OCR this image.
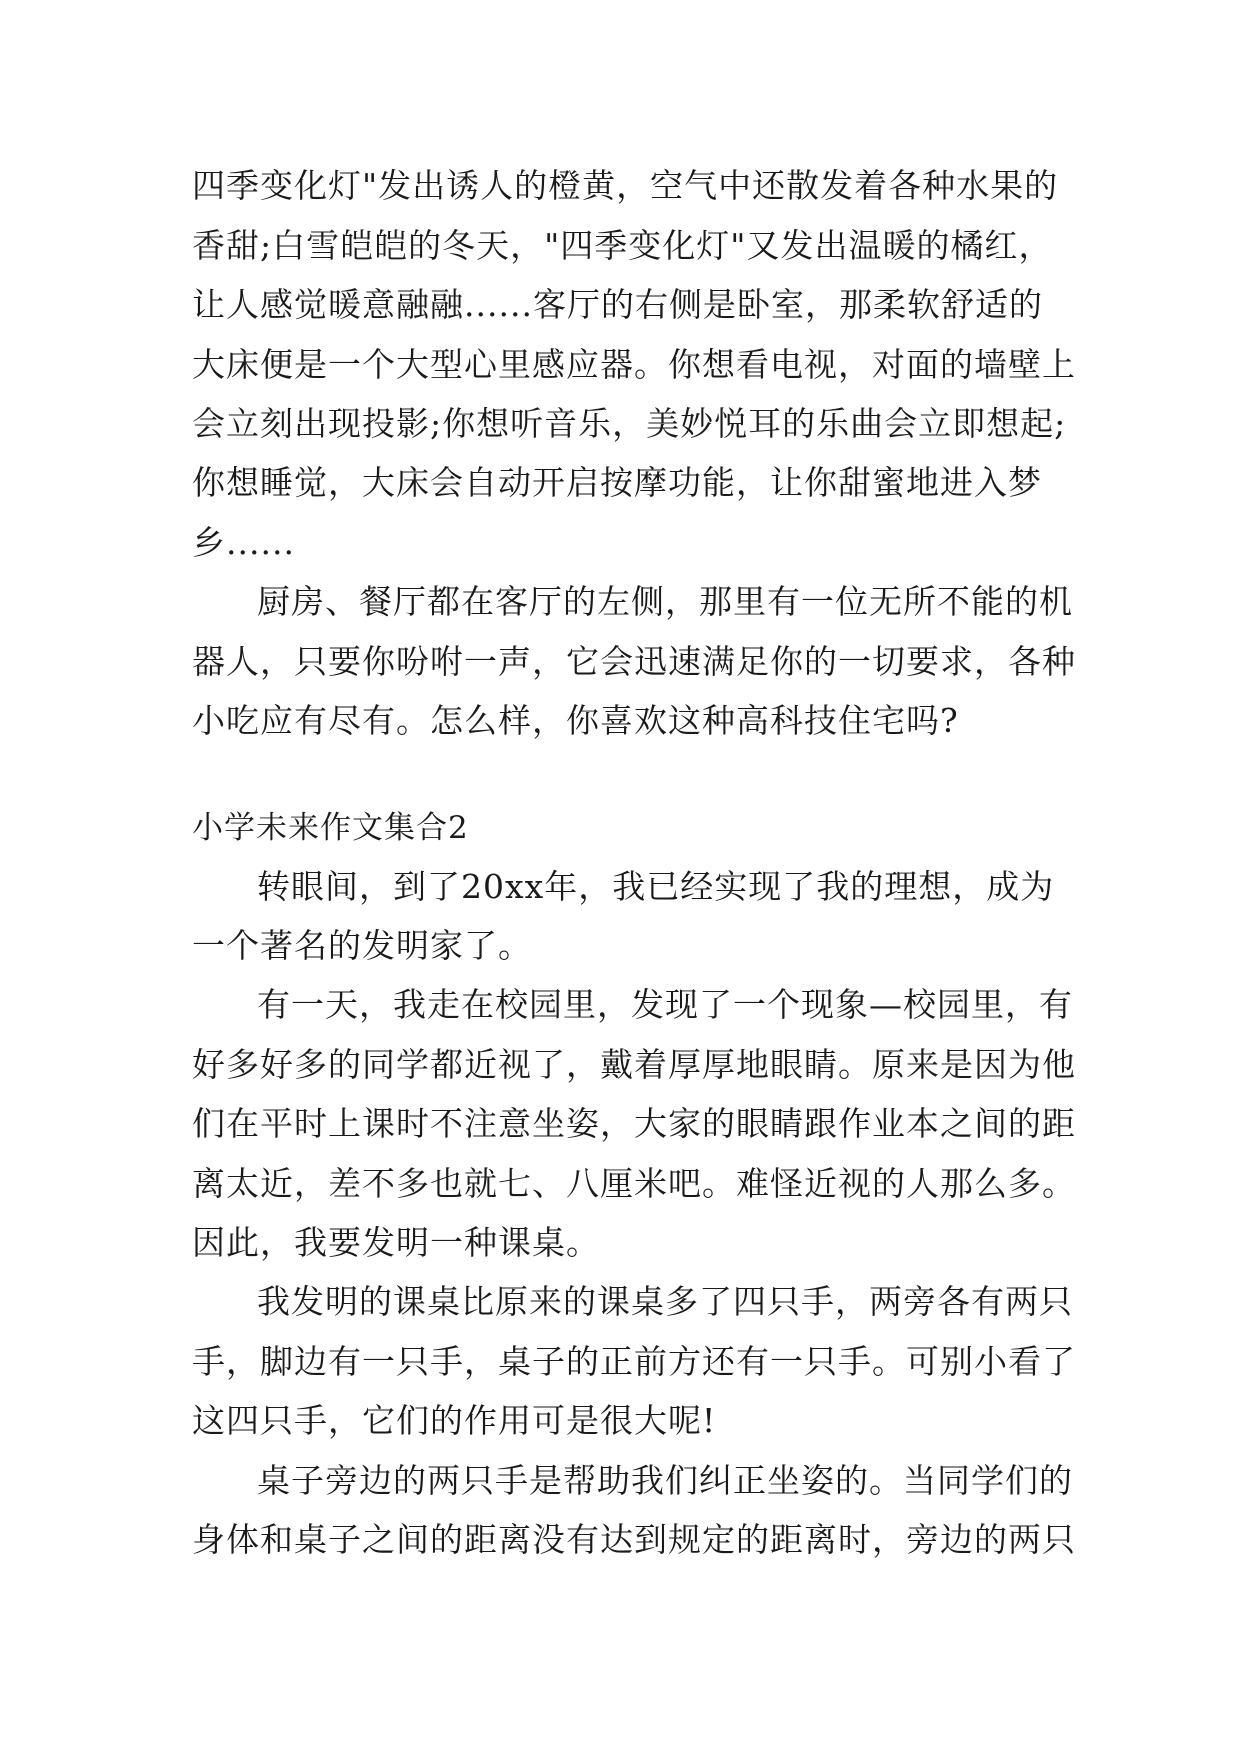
四季变化灯"发出诱人的橙黄，空气中还散发着各种水果的
香甜;白雪皑皑的冬天，"四季变化灯"又发出温暖的橘红，
让人感觉暖意融融......客厅的右侧是卧室，那柔软舒适的
大床便是一个大型心里感应器。你想看电视，对面的墙壁上
会立刻出现投影;你想听音乐，美妙悦耳的乐曲会立即想起;
你想睡觉，大床会自动开启按摩功能，让你甜蜜地进入梦
乡......
厨房、餐厅都在客厅的左侧，那里有一位无所不能的机
器人，只要你吩咐一声，它会迅速满足你的一切要求，各种
小吃应有尽有。怎么样，你喜欢这种高科技住宅吗?
小学未来作文集合2
转眼间，到了20xx年，我已经实现了我的理想，成为
一个著名的发明家了。
有一天，我走在校园里，发现了一个现象—校园里，有
好多好多的同学都近视了，戴着厚厚地眼睛。原来是因为他
们在平时上课时不注意坐姿，大家的眼睛跟作业本之间的距
离太近，差不多也就七、八厘米吧。难怪近视的人那么多。
因此，我要发明一种课桌。
我发明的课桌比原来的课桌多了四只手，两旁各有两只
手，脚边有一只手，桌子的正前方还有一只手。可别小看了
这四只手，它们的作用可是很大呢!
桌子旁边的两只手是帮助我们纠正坐姿的。当同学们的
身体和桌子之间的距离没有达到规定的距离时，旁边的两只
